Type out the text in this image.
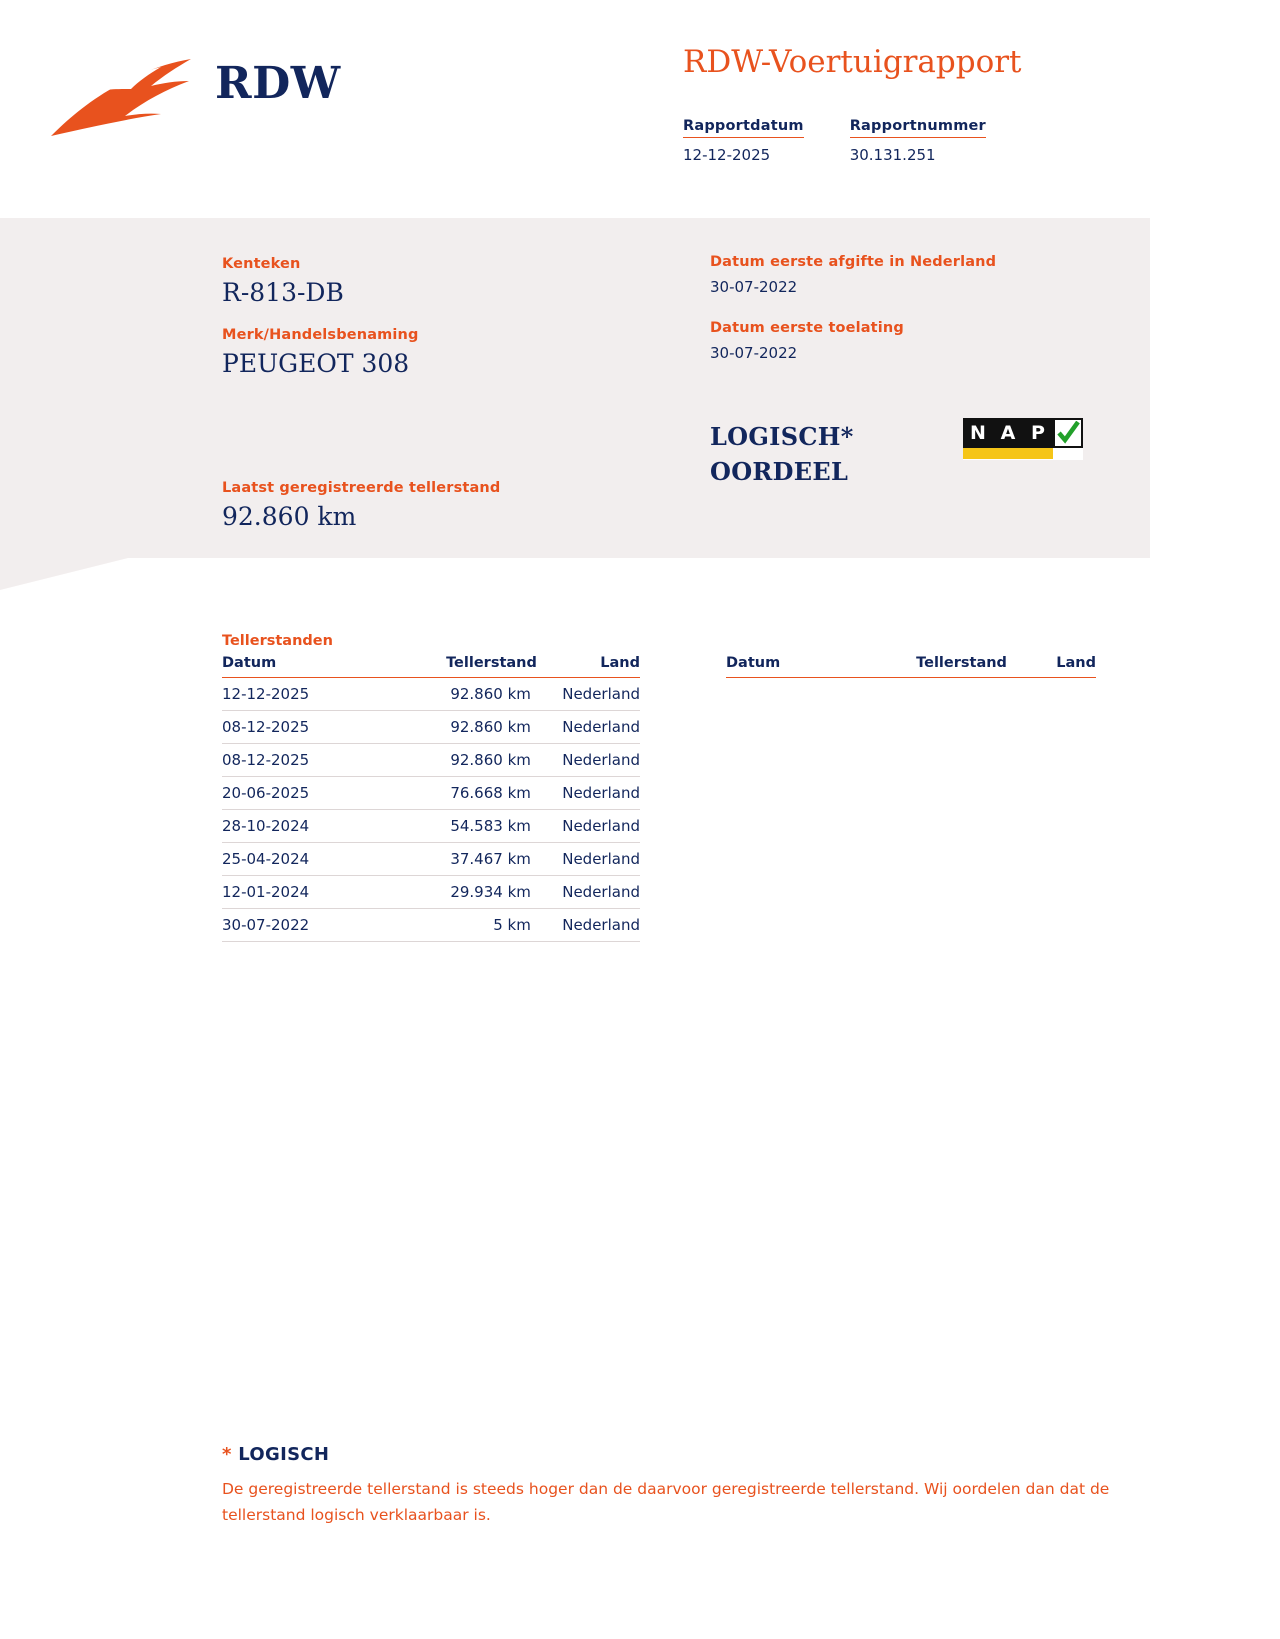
RDW	RDW-Voertuigrapport
Rapportdatum
12-12-2025
Rapportnummer
30.131.251
Kenteken
R-813-DB
Merk/Handelsbenaming
PEUGEOT 308
Laatst geregistreerde tellerstand
92.860 km
Datum eerste afgifte in Nederland
30-07-2022
Datum eerste toelating
30-07-2022
LOGISCH*
OORDEEL
N A P
Tellerstanden
Datum	Tellerstand	Land
12-12-2025	92.860 km	Nederland
08-12-2025	92.860 km	Nederland
08-12-2025	92.860 km	Nederland
20-06-2025	76.668 km	Nederland
28-10-2024	54.583 km	Nederland
25-04-2024	37.467 km	Nederland
12-01-2024	29.934 km	Nederland
30-07-2022	5 km	Nederland
Datum	Tellerstand	Land
* LOGISCH
De geregistreerde tellerstand is steeds hoger dan de daarvoor geregistreerde tellerstand. Wij oordelen dan dat de tellerstand logisch verklaarbaar is.
